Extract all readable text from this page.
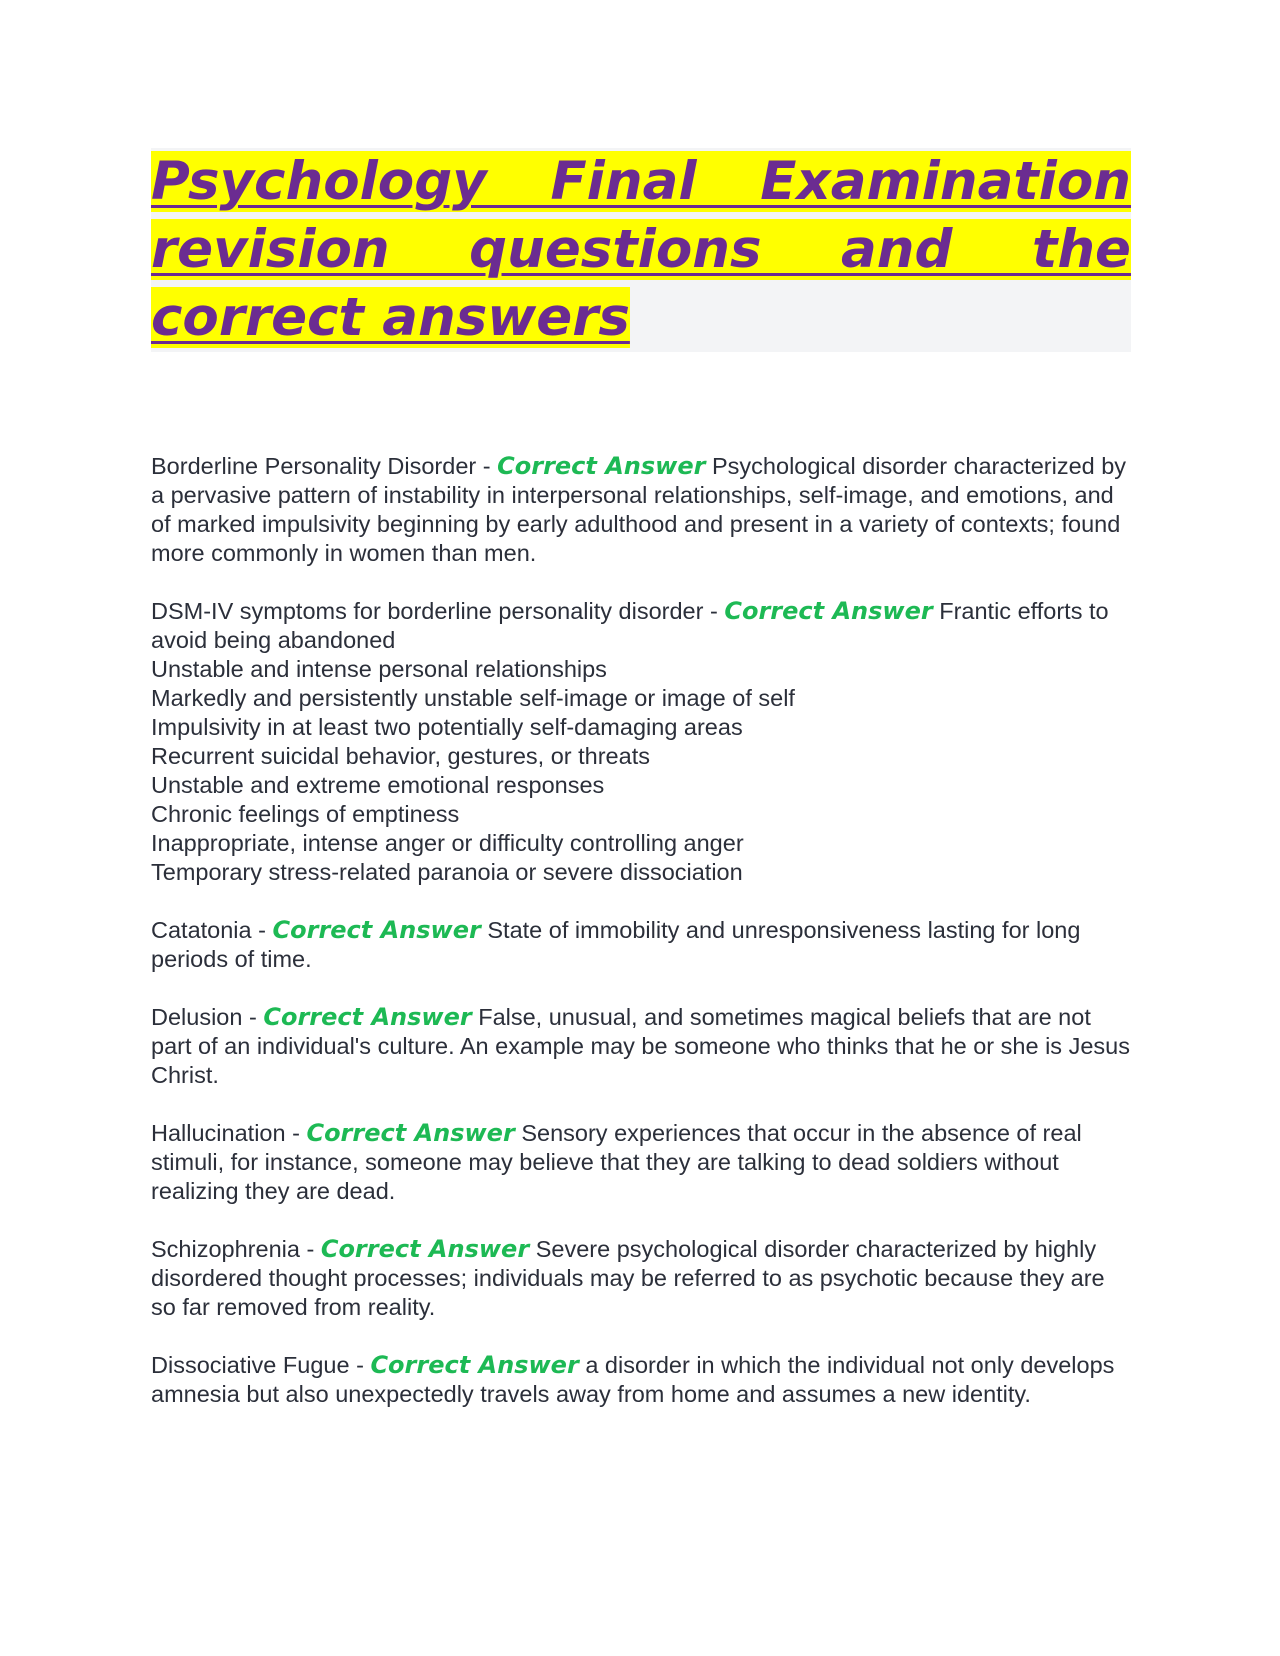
Psychology Final Examination revision questions and the correct answers

Borderline Personality Disorder - Correct Answer Psychological disorder characterized by a pervasive pattern of instability in interpersonal relationships, self-image, and emotions, and of marked impulsivity beginning by early adulthood and present in a variety of contexts; found more commonly in women than men.

DSM-IV symptoms for borderline personality disorder - Correct Answer Frantic efforts to avoid being abandoned
Unstable and intense personal relationships
Markedly and persistently unstable self-image or image of self
Impulsivity in at least two potentially self-damaging areas
Recurrent suicidal behavior, gestures, or threats
Unstable and extreme emotional responses
Chronic feelings of emptiness
Inappropriate, intense anger or difficulty controlling anger
Temporary stress-related paranoia or severe dissociation

Catatonia - Correct Answer State of immobility and unresponsiveness lasting for long periods of time.

Delusion - Correct Answer False, unusual, and sometimes magical beliefs that are not part of an individual's culture. An example may be someone who thinks that he or she is Jesus Christ.

Hallucination - Correct Answer Sensory experiences that occur in the absence of real stimuli, for instance, someone may believe that they are talking to dead soldiers without realizing they are dead.

Schizophrenia - Correct Answer Severe psychological disorder characterized by highly disordered thought processes; individuals may be referred to as psychotic because they are so far removed from reality.

Dissociative Fugue - Correct Answer a disorder in which the individual not only develops amnesia but also unexpectedly travels away from home and assumes a new identity.
